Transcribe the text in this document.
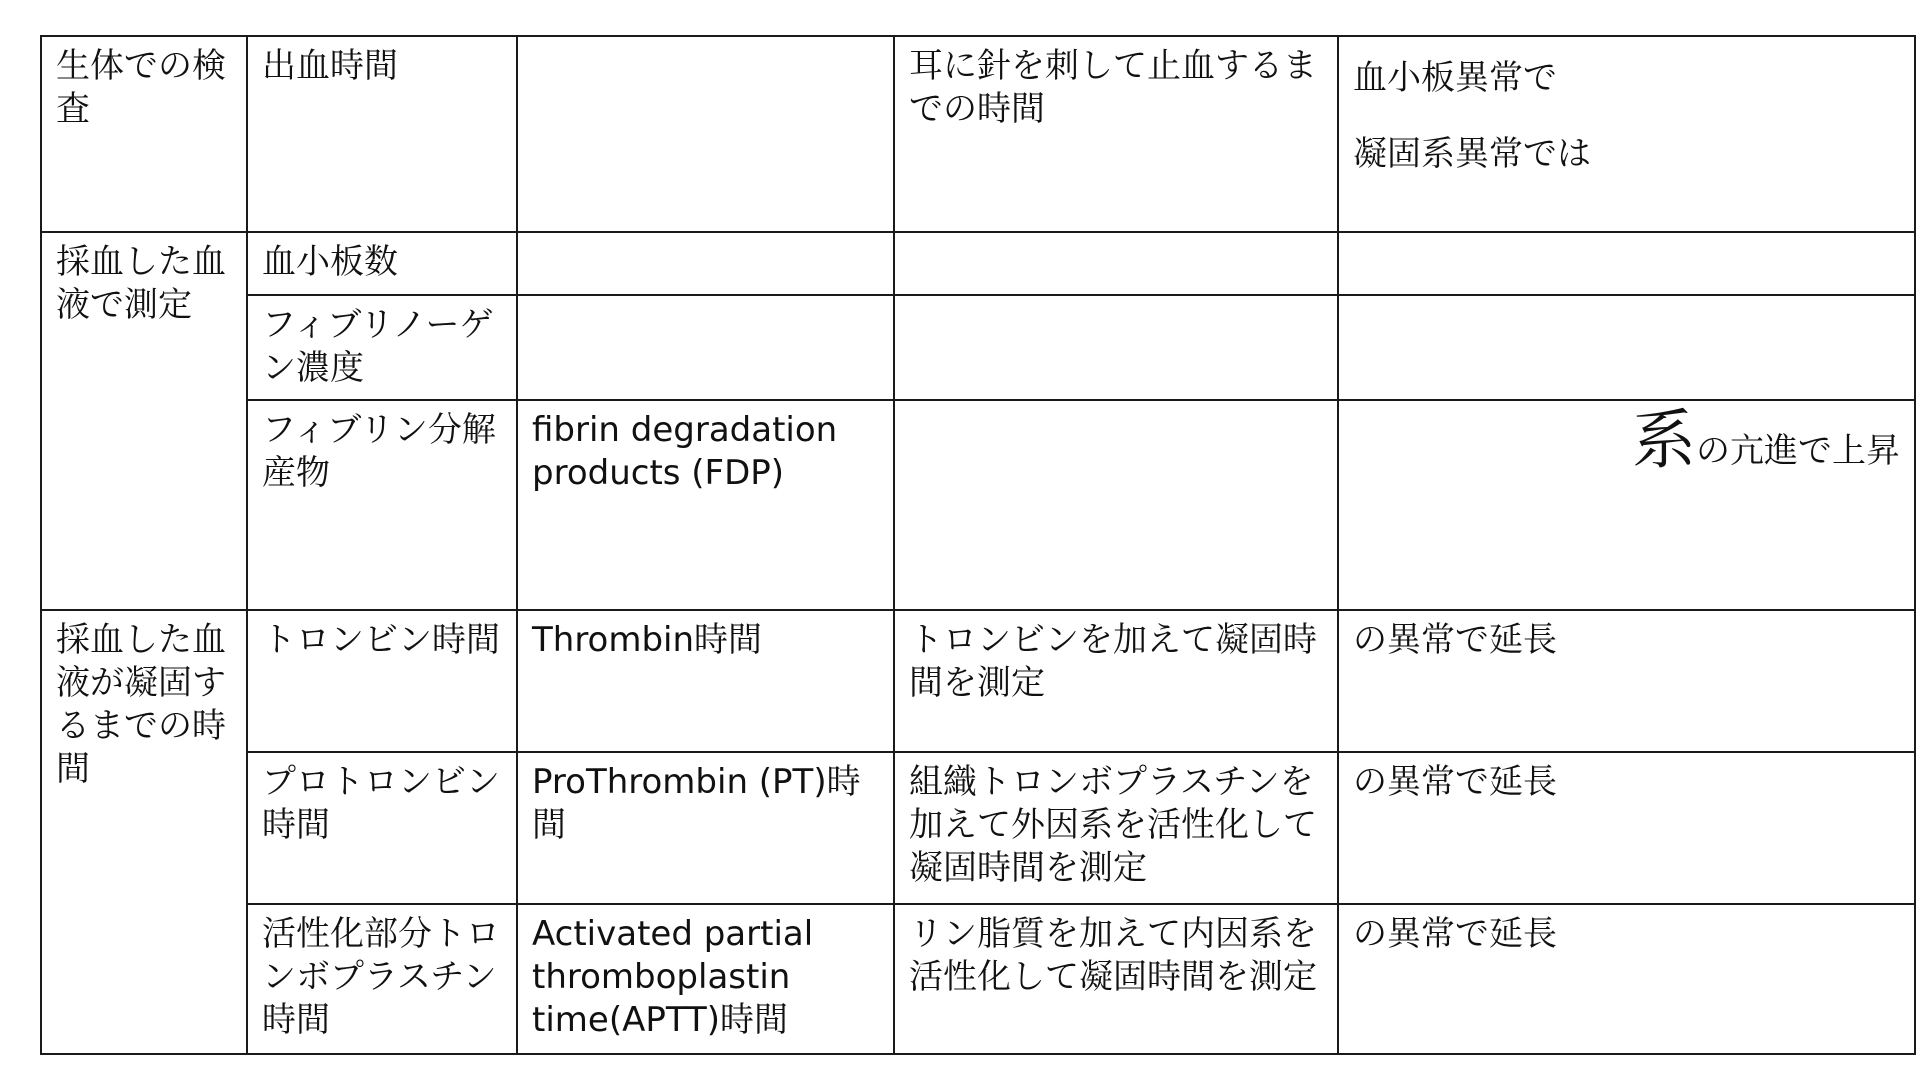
生体での検査	出血時間		耳に針を刺して止血するまでの時間	血小板異常で
凝固系異常では

採血した血液で測定	血小板数			
	フィブリノーゲン濃度			
	フィブリン分解産物	fibrin degradation products (FDP)		系の亢進で上昇
採血した血液が凝固するまでの時間	トロンビン時間	Thrombin時間	トロンビンを加えて凝固時間を測定	の異常で延長
	プロトロンビン時間	ProThrombin (PT)時間	組織トロンボプラスチンを加えて外因系を活性化して凝固時間を測定	の異常で延長
	活性化部分トロンボプラスチン時間	Activated partial thromboplastin time(APTT)時間	リン脂質を加えて内因系を活性化して凝固時間を測定	の異常で延長
